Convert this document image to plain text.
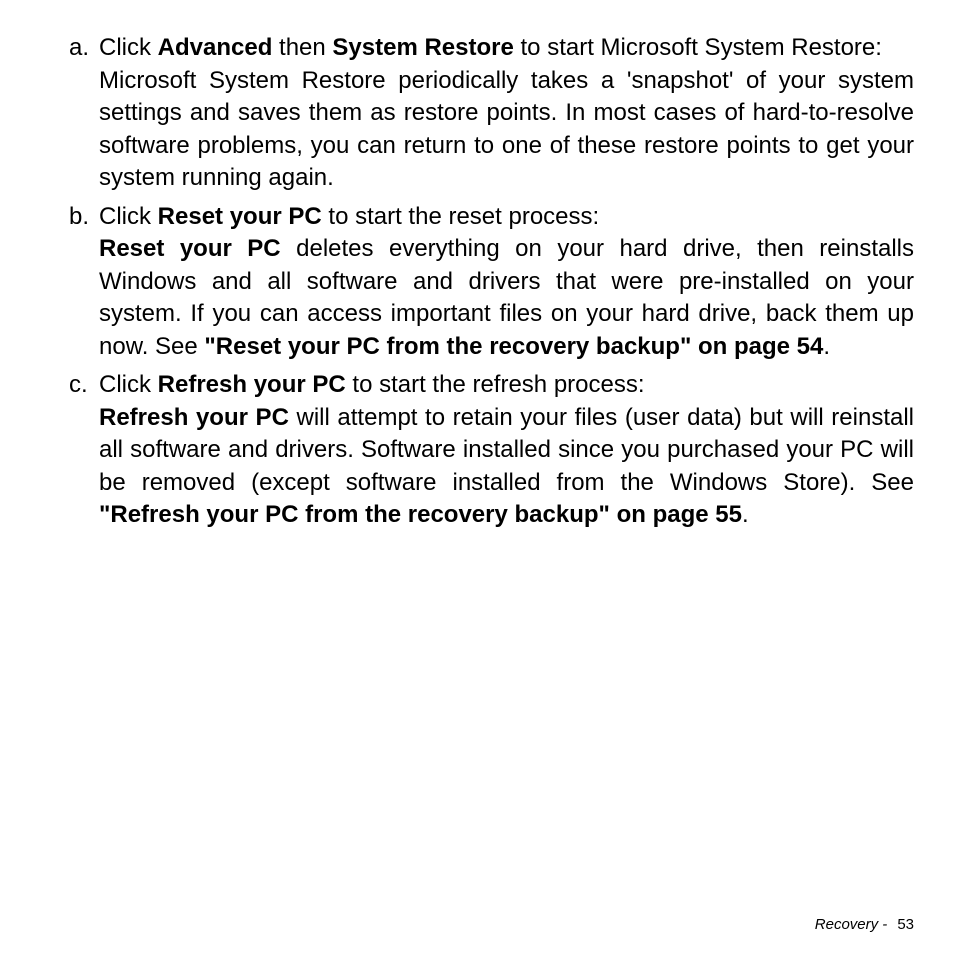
a. Click Advanced then System Restore to start Microsoft System Restore:

Microsoft System Restore periodically takes a 'snapshot' of your system settings and saves them as restore points. In most cases of hard-to-resolve software problems, you can return to one of these restore points to get your system running again.

b. Click Reset your PC to start the reset process:

Reset your PC deletes everything on your hard drive, then reinstalls Windows and all software and drivers that were pre-installed on your system. If you can access important files on your hard drive, back them up now. See "Reset your PC from the recovery backup" on page 54.

c. Click Refresh your PC to start the refresh process:

Refresh your PC will attempt to retain your files (user data) but will reinstall all software and drivers. Software installed since you purchased your PC will be removed (except software installed from the Windows Store). See "Refresh your PC from the recovery backup" on page 55.

Recovery - 53
